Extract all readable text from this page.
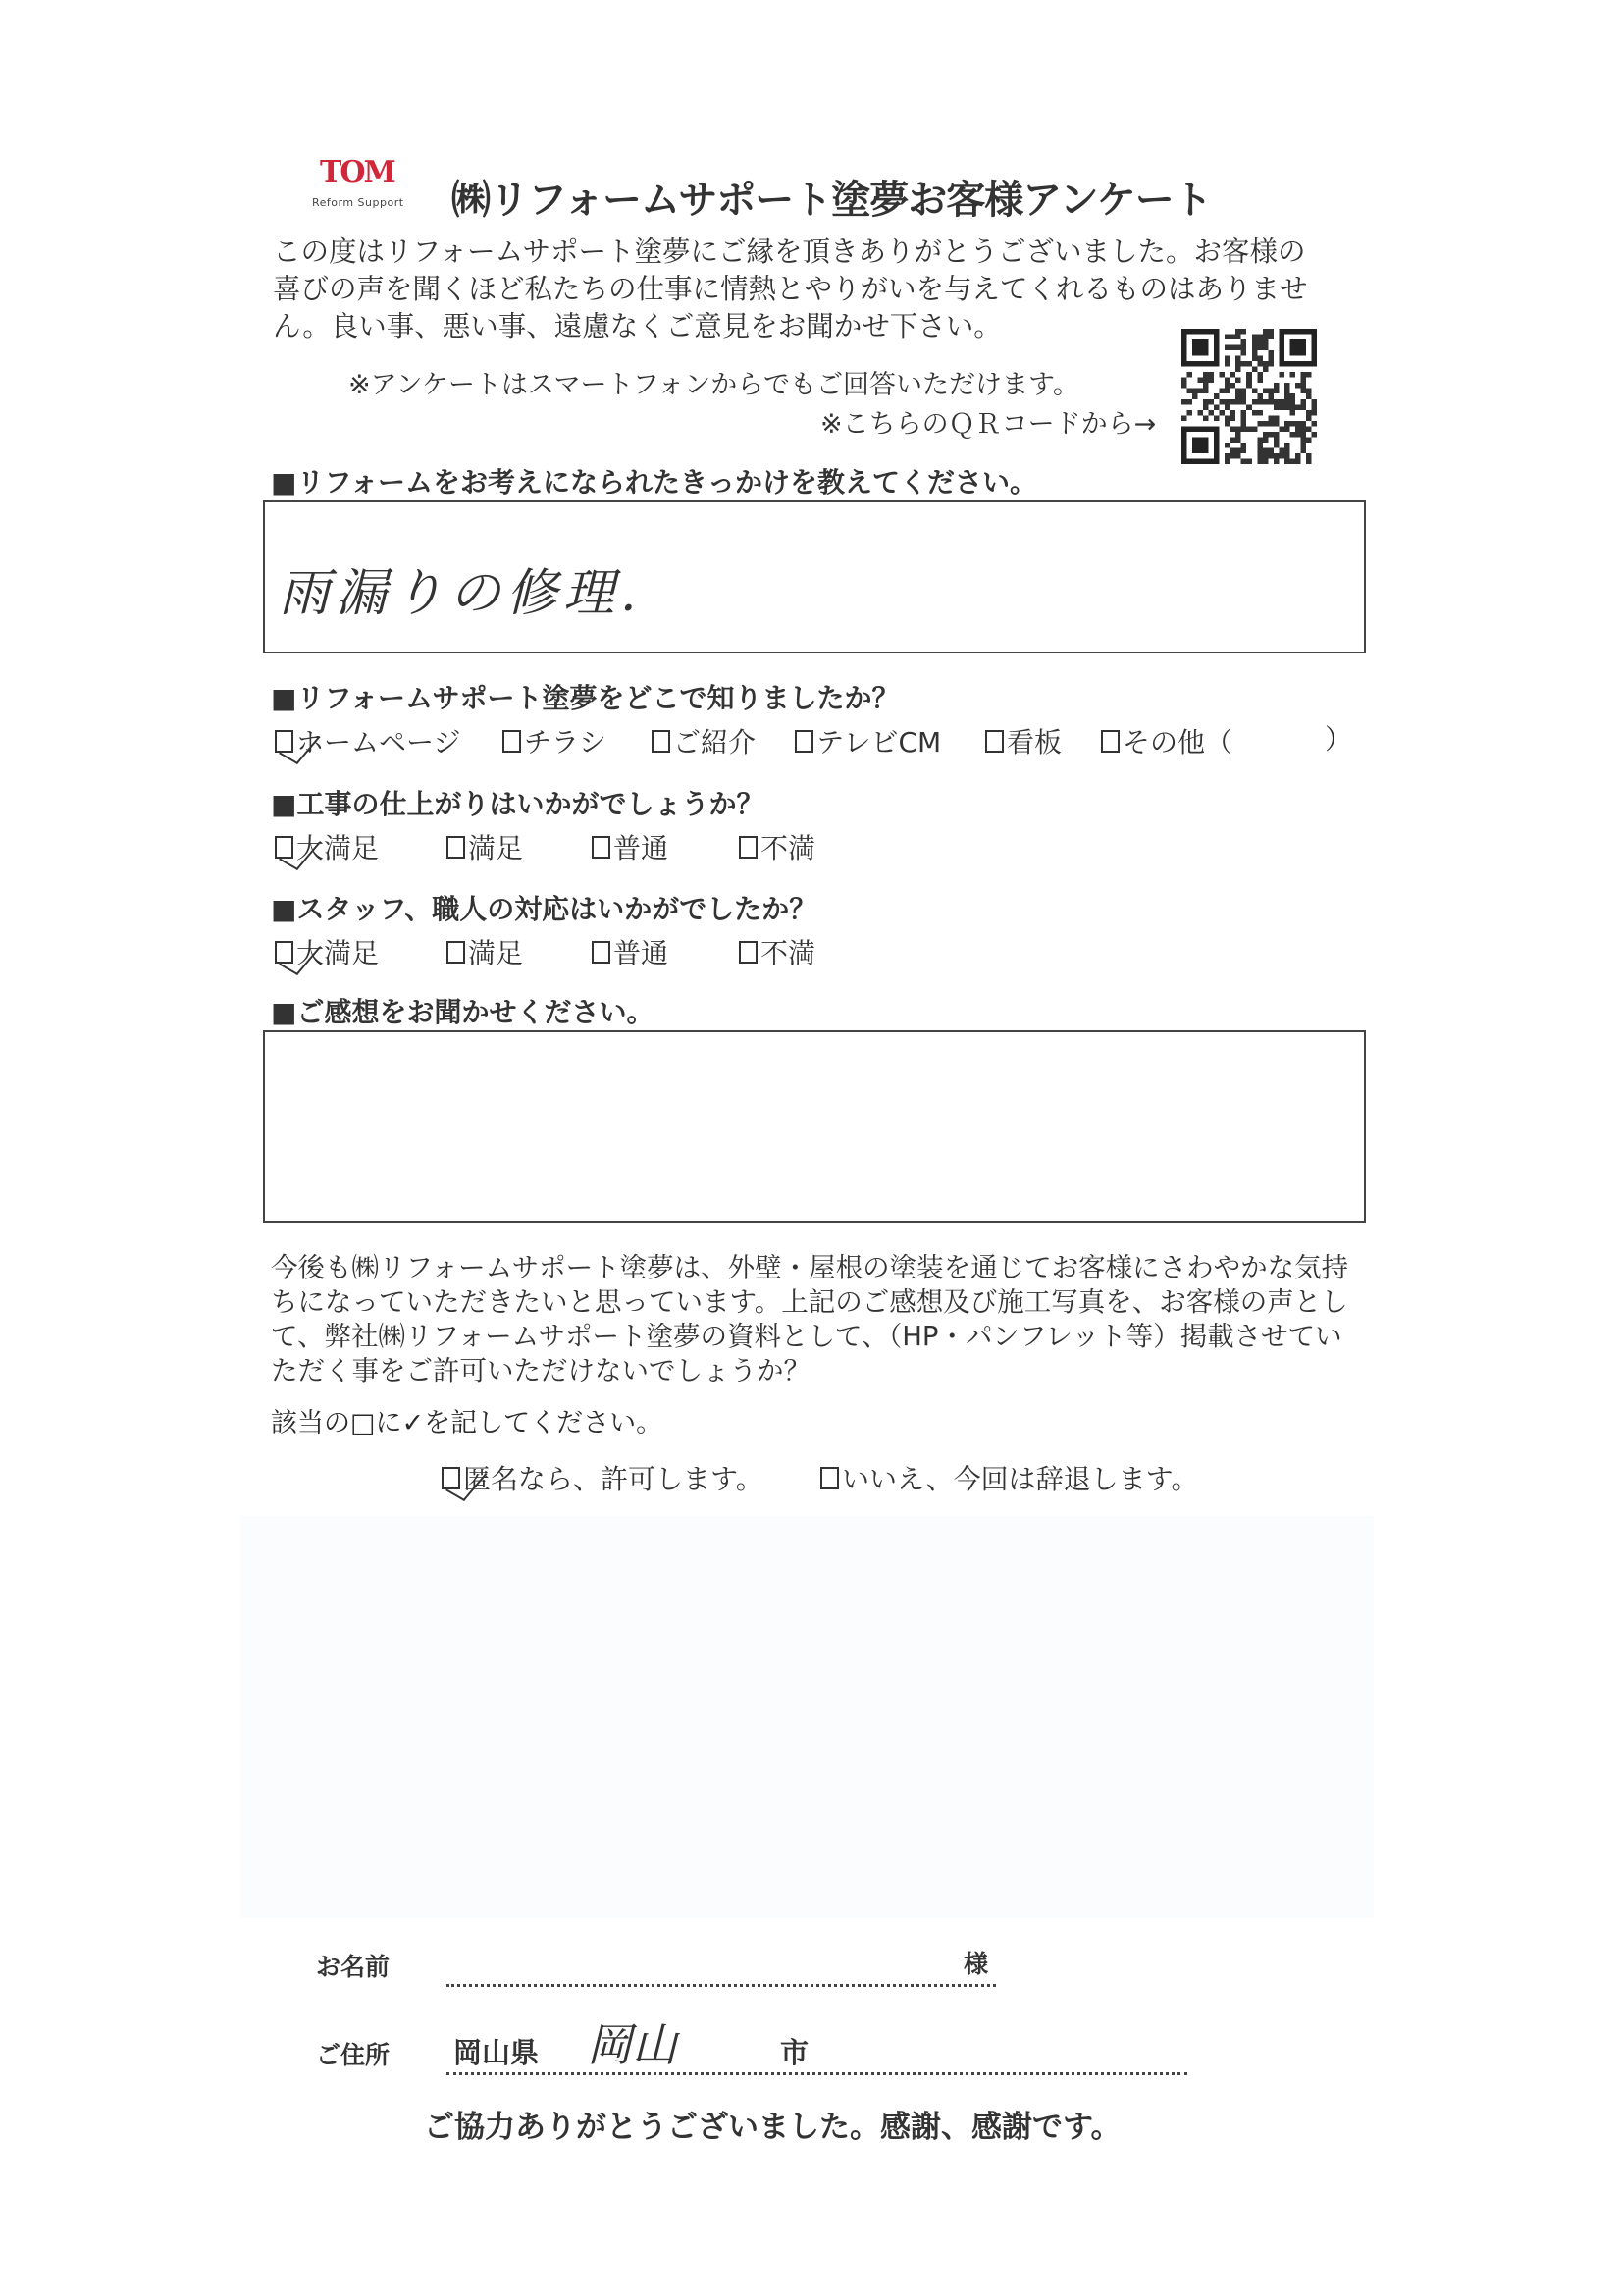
TOM
Reform Support ㈱リフォームサポート塗夢お客様アンケート
この度はリフォームサポート塗夢にご縁を頂きありがとうございました。お客様の喜びの声を聞くほど私たちの仕事に情熱とやりがいを与えてくれるものはありません。良い事、悪い事、遠慮なくご意見をお聞かせ下さい。
※アンケートはスマートフォンからでもご回答いただけます。
※こちらのＱＲコードから→
■リフォームをお考えになられたきっかけを教えてください。
雨漏りの修理.
■リフォームサポート塗夢をどこで知りましたか？
ホームページ チラシ ご紹介 テレビCM 看板 その他（	）
■工事の仕上がりはいかがでしょうか？
大満足	満足	普通	不満
■スタッフ、職人の対応はいかがでしたか？
大満足	満足	普通	不満
■ご感想をお聞かせください。
今後も㈱リフォームサポート塗夢は、外壁・屋根の塗装を通じてお客様にさわやかな気持ちになっていただきたいと思っています。上記のご感想及び施工写真を、お客様の声として、弊社㈱リフォームサポート塗夢の資料として、（HP・パンフレット等）掲載させていただく事をご許可いただけないでしょうか？
該当の□に✓を記してください。
匿名なら、許可します。	いいえ、今回は辞退します。
お名前	様
ご住所 岡山県 岡山	市
ご協力ありがとうございました。感謝、感謝です。
